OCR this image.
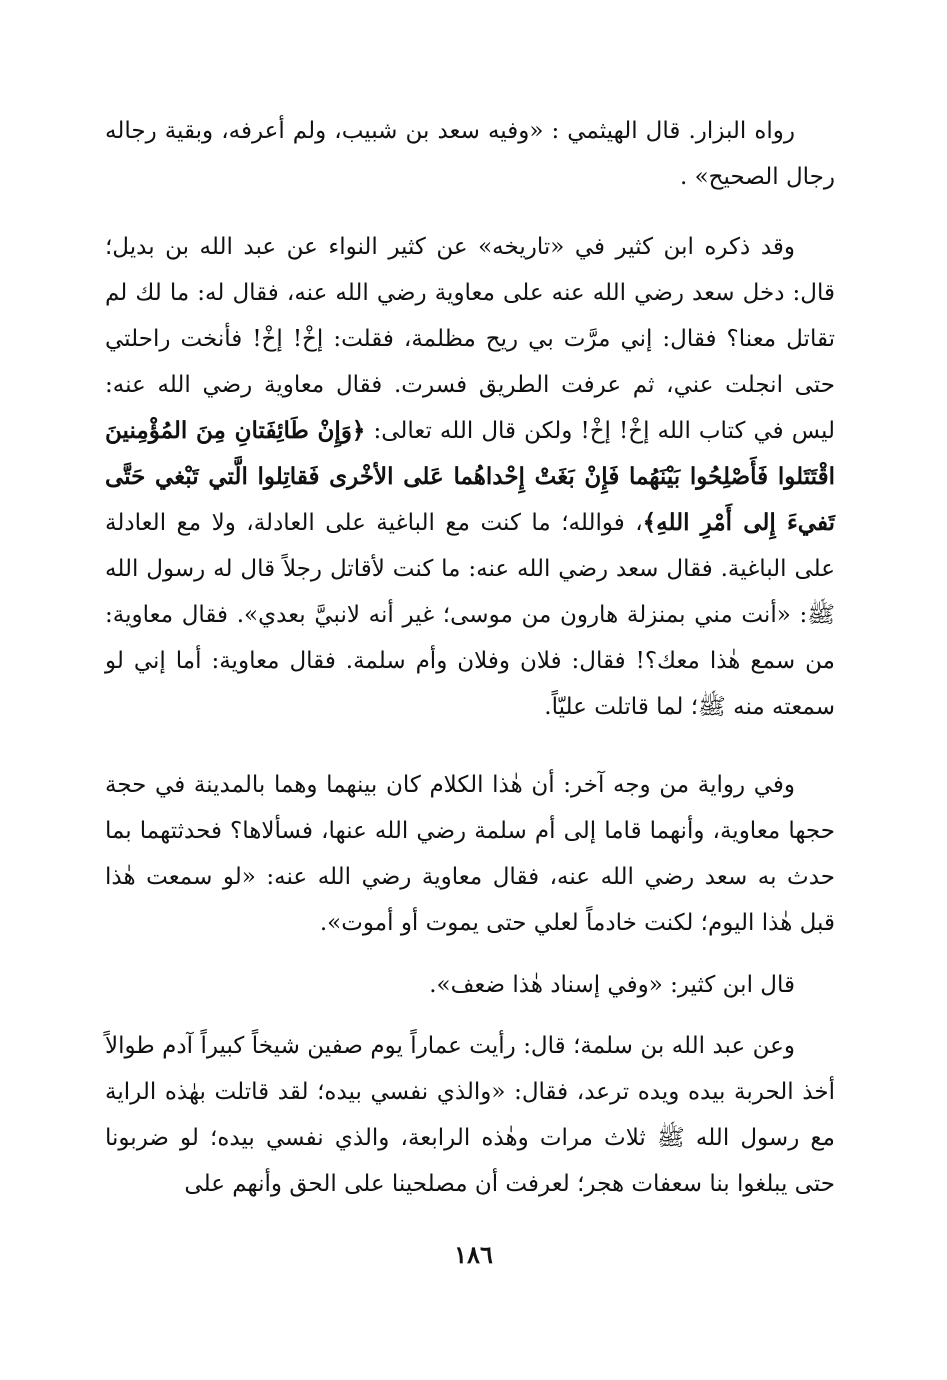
رواه البزار. قال الهيثمي : «وفيه سعد بن شبيب، ولم أعرفه، وبقية رجاله رجال الصحيح» .

وقد ذكره ابن كثير في «تاريخه» عن كثير النواء عن عبد الله بن بديل؛ قال: دخل سعد رضي الله عنه على معاوية رضي الله عنه، فقال له: ما لك لم تقاتل معنا؟ فقال: إني مرَّت بي ريح مظلمة، فقلت: إخْ! إخْ! فأنخت راحلتي حتى انجلت عني، ثم عرفت الطريق فسرت. فقال معاوية رضي الله عنه: ليس في كتاب الله إخْ! إخْ! ولكن قال الله تعالى: ﴿وَإِنْ طَائِفَتانِ مِنَ المُؤْمِنينَ اقْتَتَلوا فَأَصْلِحُوا بَيْنَهُما فَإِنْ بَغَتْ إِحْداهُما عَلى الأخْرى فَقاتِلوا الَّتي تَبْغي حَتَّى تَفيءَ إِلى أَمْرِ اللهِ﴾، فوالله؛ ما كنت مع الباغية على العادلة، ولا مع العادلة على الباغية. فقال سعد رضي الله عنه: ما كنت لأقاتل رجلاً قال له رسول الله ﷺ: «أنت مني بمنزلة هارون من موسى؛ غير أنه لانبيَّ بعدي». فقال معاوية: من سمع هٰذا معك؟! فقال: فلان وفلان وأم سلمة. فقال معاوية: أما إني لو سمعته منه ﷺ؛ لما قاتلت عليّاً.

وفي رواية من وجه آخر: أن هٰذا الكلام كان بينهما وهما بالمدينة في حجة حجها معاوية، وأنهما قاما إلى أم سلمة رضي الله عنها، فسألاها؟ فحدثتهما بما حدث به سعد رضي الله عنه، فقال معاوية رضي الله عنه: «لو سمعت هٰذا قبل هٰذا اليوم؛ لكنت خادماً لعلي حتى يموت أو أموت».

قال ابن كثير: «وفي إسناد هٰذا ضعف».

وعن عبد الله بن سلمة؛ قال: رأيت عماراً يوم صفين شيخاً كبيراً آدم طوالاً أخذ الحربة بيده ويده ترعد، فقال: «والذي نفسي بيده؛ لقد قاتلت بهٰذه الراية مع رسول الله ﷺ ثلاث مرات وهٰذه الرابعة، والذي نفسي بيده؛ لو ضربونا حتى يبلغوا بنا سعفات هجر؛ لعرفت أن مصلحينا على الحق وأنهم على

١٨٦
